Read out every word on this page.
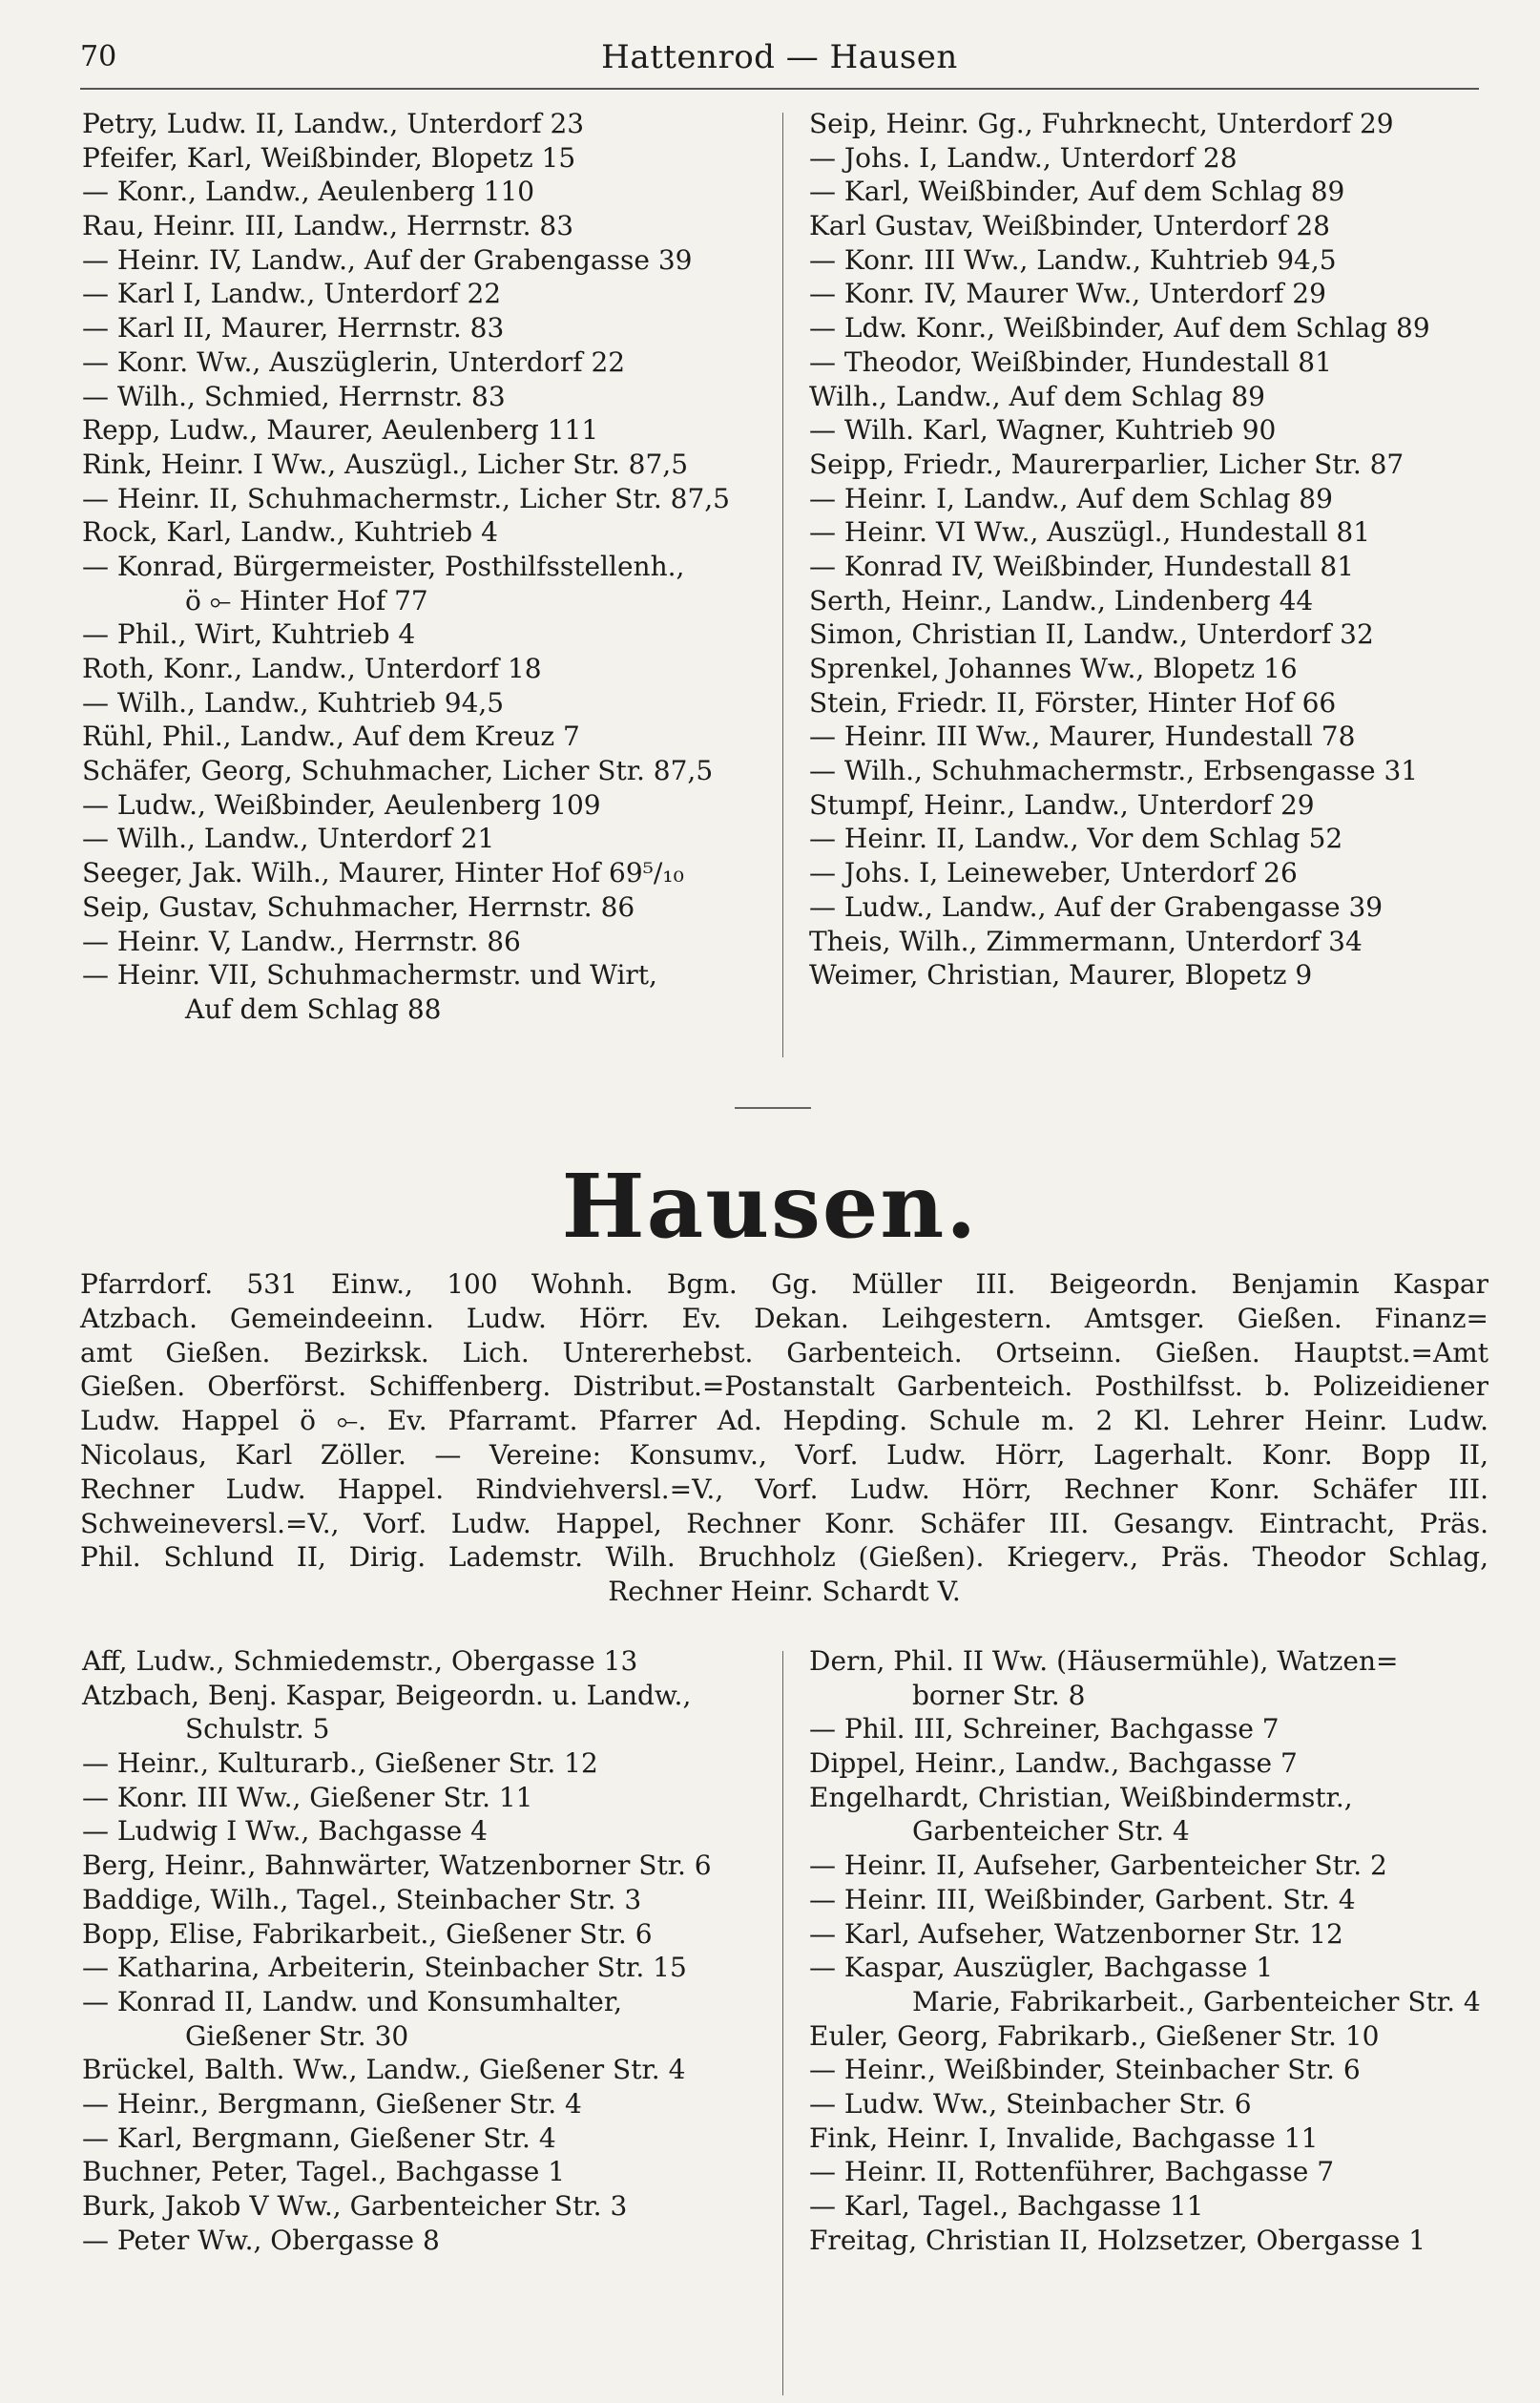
70	Hattenrod — Hausen
Petry, Ludw. II, Landw., Unterdorf 23
Pfeifer, Karl, Weißbinder, Blopetz 15
— Konr., Landw., Aeulenberg 110
Rau, Heinr. III, Landw., Herrnstr. 83
— Heinr. IV, Landw., Auf der Grabengasse 39
— Karl I, Landw., Unterdorf 22
— Karl II, Maurer, Herrnstr. 83
— Konr. Ww., Auszüglerin, Unterdorf 22
— Wilh., Schmied, Herrnstr. 83
Repp, Ludw., Maurer, Aeulenberg 111
Rink, Heinr. I Ww., Auszügl., Licher Str. 87,5
— Heinr. II, Schuhmachermstr., Licher Str. 87,5
Rock, Karl, Landw., Kuhtrieb 4
— Konrad, Bürgermeister, Posthilfsstellenh.,
ö ⟜ Hinter Hof 77
— Phil., Wirt, Kuhtrieb 4
Roth, Konr., Landw., Unterdorf 18
— Wilh., Landw., Kuhtrieb 94,5
Rühl, Phil., Landw., Auf dem Kreuz 7
Schäfer, Georg, Schuhmacher, Licher Str. 87,5
— Ludw., Weißbinder, Aeulenberg 109
— Wilh., Landw., Unterdorf 21
Seeger, Jak. Wilh., Maurer, Hinter Hof 69⁵/₁₀
Seip, Gustav, Schuhmacher, Herrnstr. 86
— Heinr. V, Landw., Herrnstr. 86
— Heinr. VII, Schuhmachermstr. und Wirt,
Auf dem Schlag 88
Seip, Heinr. Gg., Fuhrknecht, Unterdorf 29
— Johs. I, Landw., Unterdorf 28
— Karl, Weißbinder, Auf dem Schlag 89
Karl Gustav, Weißbinder, Unterdorf 28
— Konr. III Ww., Landw., Kuhtrieb 94,5
— Konr. IV, Maurer Ww., Unterdorf 29
— Ldw. Konr., Weißbinder, Auf dem Schlag 89
— Theodor, Weißbinder, Hundestall 81
Wilh., Landw., Auf dem Schlag 89
— Wilh. Karl, Wagner, Kuhtrieb 90
Seipp, Friedr., Maurerparlier, Licher Str. 87
— Heinr. I, Landw., Auf dem Schlag 89
— Heinr. VI Ww., Auszügl., Hundestall 81
— Konrad IV, Weißbinder, Hundestall 81
Serth, Heinr., Landw., Lindenberg 44
Simon, Christian II, Landw., Unterdorf 32
Sprenkel, Johannes Ww., Blopetz 16
Stein, Friedr. II, Förster, Hinter Hof 66
— Heinr. III Ww., Maurer, Hundestall 78
— Wilh., Schuhmachermstr., Erbsengasse 31
Stumpf, Heinr., Landw., Unterdorf 29
— Heinr. II, Landw., Vor dem Schlag 52
— Johs. I, Leineweber, Unterdorf 26
— Ludw., Landw., Auf der Grabengasse 39
Theis, Wilh., Zimmermann, Unterdorf 34
Weimer, Christian, Maurer, Blopetz 9
Hausen.
Pfarrdorf. 531 Einw., 100 Wohnh. Bgm. Gg. Müller III. Beigeordn. Benjamin Kaspar
Atzbach. Gemeindeeinn. Ludw. Hörr. Ev. Dekan. Leihgestern. Amtsger. Gießen. Finanz=
amt Gießen. Bezirksk. Lich. Untererhebst. Garbenteich. Ortseinn. Gießen. Hauptst.=Amt
Gießen. Oberförst. Schiffenberg. Distribut.=Postanstalt Garbenteich. Posthilfsst. b. Polizeidiener
Ludw. Happel ö ⟜. Ev. Pfarramt. Pfarrer Ad. Hepding. Schule m. 2 Kl. Lehrer Heinr. Ludw.
Nicolaus, Karl Zöller. — Vereine: Konsumv., Vorf. Ludw. Hörr, Lagerhalt. Konr. Bopp II,
Rechner Ludw. Happel. Rindviehversl.=V., Vorf. Ludw. Hörr, Rechner Konr. Schäfer III.
Schweineversl.=V., Vorf. Ludw. Happel, Rechner Konr. Schäfer III. Gesangv. Eintracht, Präs.
Phil. Schlund II, Dirig. Lademstr. Wilh. Bruchholz (Gießen). Kriegerv., Präs. Theodor Schlag,
Rechner Heinr. Schardt V.
Aff, Ludw., Schmiedemstr., Obergasse 13
Atzbach, Benj. Kaspar, Beigeordn. u. Landw.,
Schulstr. 5
— Heinr., Kulturarb., Gießener Str. 12
— Konr. III Ww., Gießener Str. 11
— Ludwig I Ww., Bachgasse 4
Berg, Heinr., Bahnwärter, Watzenborner Str. 6
Baddige, Wilh., Tagel., Steinbacher Str. 3
Bopp, Elise, Fabrikarbeit., Gießener Str. 6
— Katharina, Arbeiterin, Steinbacher Str. 15
— Konrad II, Landw. und Konsumhalter,
Gießener Str. 30
Brückel, Balth. Ww., Landw., Gießener Str. 4
— Heinr., Bergmann, Gießener Str. 4
— Karl, Bergmann, Gießener Str. 4
Buchner, Peter, Tagel., Bachgasse 1
Burk, Jakob V Ww., Garbenteicher Str. 3
— Peter Ww., Obergasse 8
Dern, Phil. II Ww. (Häusermühle), Watzen=
borner Str. 8
— Phil. III, Schreiner, Bachgasse 7
Dippel, Heinr., Landw., Bachgasse 7
Engelhardt, Christian, Weißbindermstr.,
Garbenteicher Str. 4
— Heinr. II, Aufseher, Garbenteicher Str. 2
— Heinr. III, Weißbinder, Garbent. Str. 4
— Karl, Aufseher, Watzenborner Str. 12
— Kaspar, Auszügler, Bachgasse 1
Marie, Fabrikarbeit., Garbenteicher Str. 4
Euler, Georg, Fabrikarb., Gießener Str. 10
— Heinr., Weißbinder, Steinbacher Str. 6
— Ludw. Ww., Steinbacher Str. 6
Fink, Heinr. I, Invalide, Bachgasse 11
— Heinr. II, Rottenführer, Bachgasse 7
— Karl, Tagel., Bachgasse 11
Freitag, Christian II, Holzsetzer, Obergasse 1
